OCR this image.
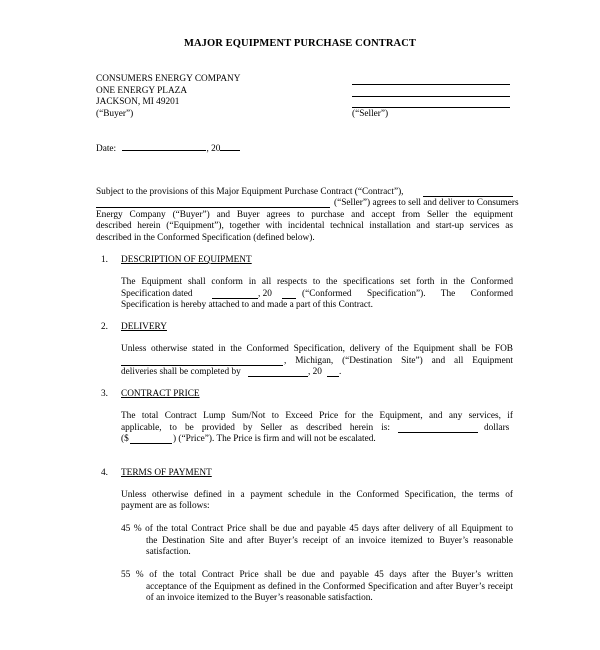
MAJOR EQUIPMENT PURCHASE CONTRACT
CONSUMERS ENERGY COMPANY
ONE ENERGY PLAZA
JACKSON, MI 49201
(“Buyer”)	(“Seller”)
Date:	, 20
Subject to the provisions of this Major Equipment Purchase Contract (“Contract”),
(“Seller”) agrees to sell and deliver to Consumers
Energy Company (“Buyer”) and Buyer agrees to purchase and accept from Seller the equipment
described herein (“Equipment”), together with incidental technical installation and start-up services as
described in the Conformed Specification (defined below).
1. DESCRIPTION OF EQUIPMENT
The Equipment shall conform in all respects to the specifications set forth in the Conformed
Specification dated	, 20	(“Conformed Specification”). The Conformed
Specification is hereby attached to and made a part of this Contract.
2. DELIVERY
Unless otherwise stated in the Conformed Specification, delivery of the Equipment shall be FOB
, Michigan, (“Destination Site”) and all Equipment
deliveries shall be completed by	, 20 .
3. CONTRACT PRICE
The total Contract Lump Sum/Not to Exceed Price for the Equipment, and any services, if
applicable, to be provided by Seller as described herein is:	dollars
($	) (“Price”). The Price is firm and will not be escalated.
4. TERMS OF PAYMENT
Unless otherwise defined in a payment schedule in the Conformed Specification, the terms of
payment are as follows:
45 % of the total Contract Price shall be due and payable 45 days after delivery of all Equipment to
the Destination Site and after Buyer’s receipt of an invoice itemized to Buyer’s reasonable
satisfaction.
55 % of the total Contract Price shall be due and payable 45 days after the Buyer’s written
acceptance of the Equipment as defined in the Conformed Specification and after Buyer’s receipt
of an invoice itemized to the Buyer’s reasonable satisfaction.
